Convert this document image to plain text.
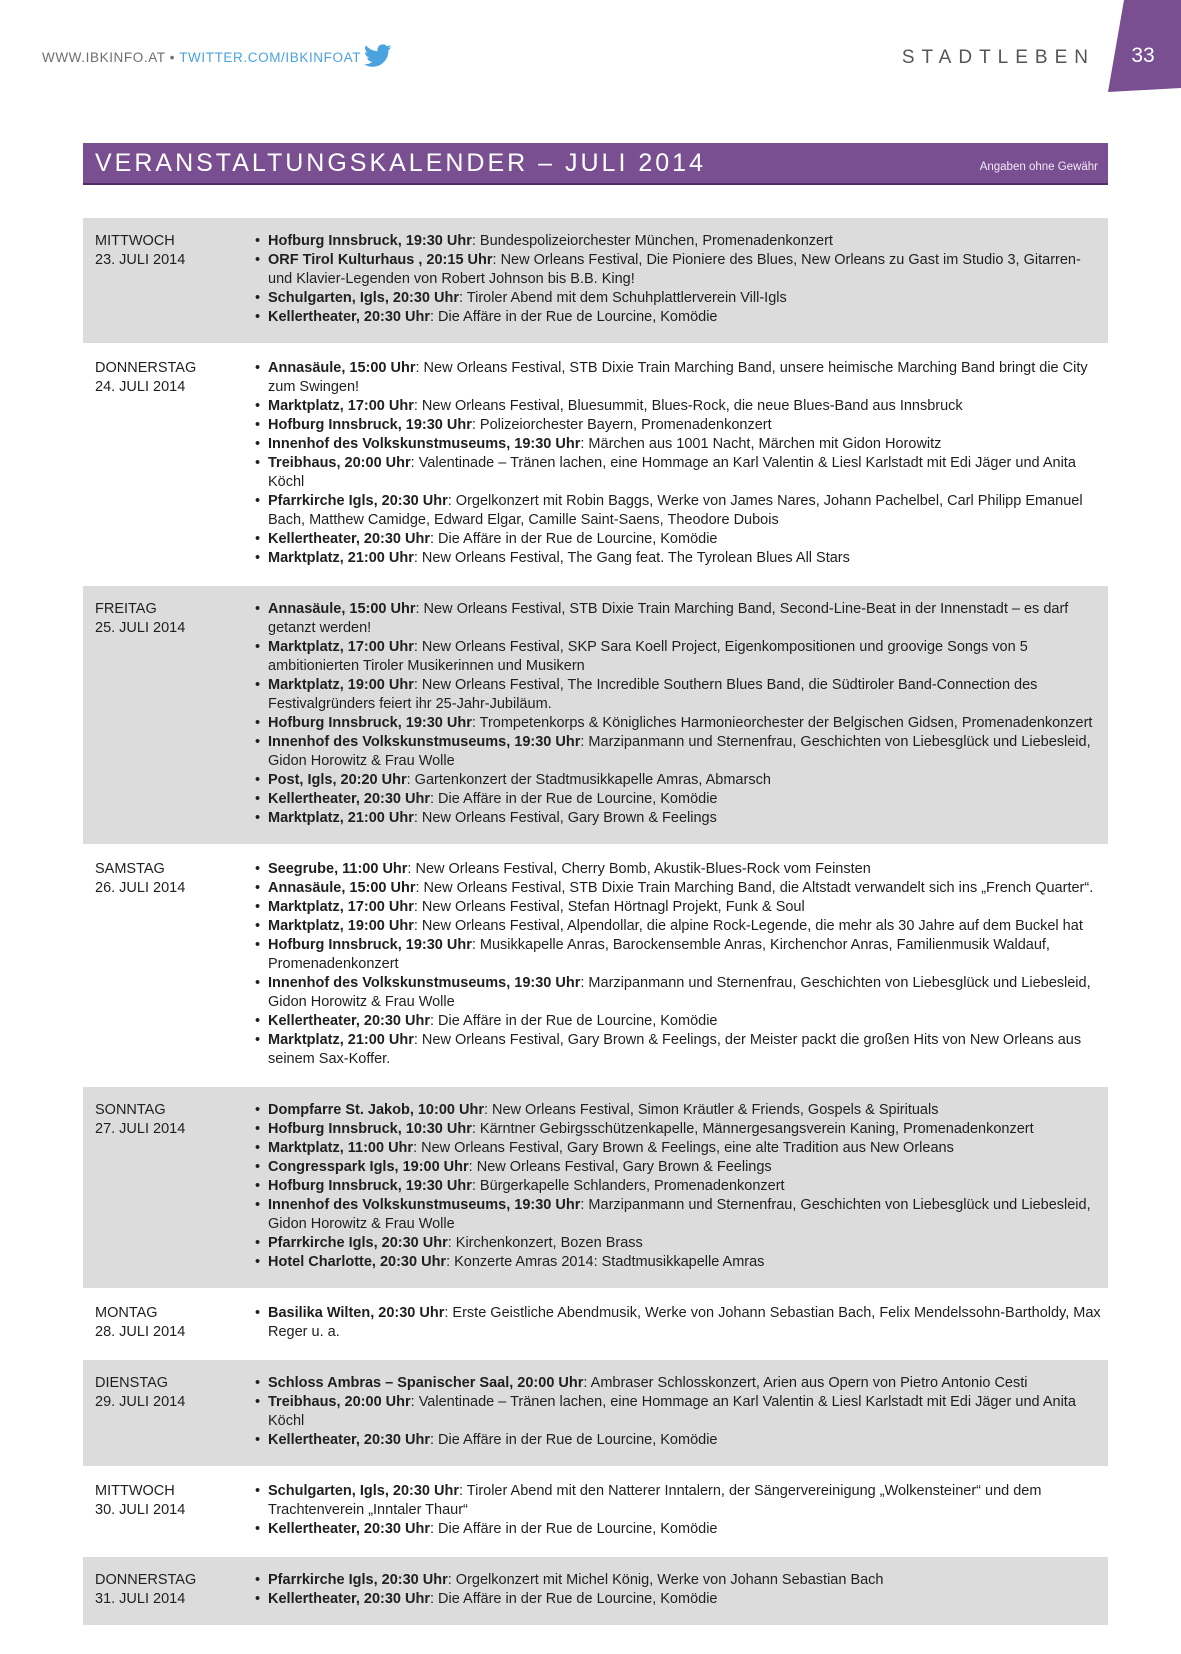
WWW.IBKINFO.AT • TWITTER.COM/IBKINFOAT	STADTLEBEN	33
VERANSTALTUNGSKALENDER – JULI 2014	Angaben ohne Gewähr
MITTWOCH
23. JULI 2014
• Hofburg Innsbruck, 19:30 Uhr: Bundespolizeiorchester München, Promenadenkonzert
• ORF Tirol Kulturhaus , 20:15 Uhr: New Orleans Festival, Die Pioniere des Blues, New Orleans zu Gast im Studio 3, Gitarren- und Klavier-Legenden von Robert Johnson bis B.B. King!
• Schulgarten, Igls, 20:30 Uhr: Tiroler Abend mit dem Schuhplattlerverein Vill-Igls
• Kellertheater, 20:30 Uhr: Die Affäre in der Rue de Lourcine, Komödie
DONNERSTAG
24. JULI 2014
• Annasäule, 15:00 Uhr: New Orleans Festival, STB Dixie Train Marching Band, unsere heimische Marching Band bringt die City zum Swingen!
• Marktplatz, 17:00 Uhr: New Orleans Festival, Bluesummit, Blues-Rock, die neue Blues-Band aus Innsbruck
• Hofburg Innsbruck, 19:30 Uhr: Polizeiorchester Bayern, Promenadenkonzert
• Innenhof des Volkskunstmuseums, 19:30 Uhr: Märchen aus 1001 Nacht, Märchen mit Gidon Horowitz
• Treibhaus, 20:00 Uhr: Valentinade – Tränen lachen, eine Hommage an Karl Valentin & Liesl Karlstadt mit Edi Jäger und Anita Köchl
• Pfarrkirche Igls, 20:30 Uhr: Orgelkonzert mit Robin Baggs, Werke von James Nares, Johann Pachelbel, Carl Philipp Emanuel Bach, Matthew Camidge, Edward Elgar, Camille Saint-Saens, Theodore Dubois
• Kellertheater, 20:30 Uhr: Die Affäre in der Rue de Lourcine, Komödie
• Marktplatz, 21:00 Uhr: New Orleans Festival, The Gang feat. The Tyrolean Blues All Stars
FREITAG
25. JULI 2014
• Annasäule, 15:00 Uhr: New Orleans Festival, STB Dixie Train Marching Band, Second-Line-Beat in der Innenstadt – es darf getanzt werden!
• Marktplatz, 17:00 Uhr: New Orleans Festival, SKP Sara Koell Project, Eigenkompositionen und groovige Songs von 5 ambitionierten Tiroler Musikerinnen und Musikern
• Marktplatz, 19:00 Uhr: New Orleans Festival, The Incredible Southern Blues Band, die Südtiroler Band-Connection des Festivalgründers feiert ihr 25-Jahr-Jubiläum.
• Hofburg Innsbruck, 19:30 Uhr: Trompetenkorps & Königliches Harmonieorchester der Belgischen Gidsen, Promenadenkonzert
• Innenhof des Volkskunstmuseums, 19:30 Uhr: Marzipanmann und Sternenfrau, Geschichten von Liebesglück und Liebesleid, Gidon Horowitz & Frau Wolle
• Post, Igls, 20:20 Uhr: Gartenkonzert der Stadtmusikkapelle Amras, Abmarsch
• Kellertheater, 20:30 Uhr: Die Affäre in der Rue de Lourcine, Komödie
• Marktplatz, 21:00 Uhr: New Orleans Festival, Gary Brown & Feelings
SAMSTAG
26. JULI 2014
• Seegrube, 11:00 Uhr: New Orleans Festival, Cherry Bomb, Akustik-Blues-Rock vom Feinsten
• Annasäule, 15:00 Uhr: New Orleans Festival, STB Dixie Train Marching Band, die Altstadt verwandelt sich ins „French Quarter“.
• Marktplatz, 17:00 Uhr: New Orleans Festival, Stefan Hörtnagl Projekt, Funk & Soul
• Marktplatz, 19:00 Uhr: New Orleans Festival, Alpendollar, die alpine Rock-Legende, die mehr als 30 Jahre auf dem Buckel hat
• Hofburg Innsbruck, 19:30 Uhr: Musikkapelle Anras, Barockensemble Anras, Kirchenchor Anras, Familienmusik Waldauf, Promenadenkonzert
• Innenhof des Volkskunstmuseums, 19:30 Uhr: Marzipanmann und Sternenfrau, Geschichten von Liebesglück und Liebesleid, Gidon Horowitz & Frau Wolle
• Kellertheater, 20:30 Uhr: Die Affäre in der Rue de Lourcine, Komödie
• Marktplatz, 21:00 Uhr: New Orleans Festival, Gary Brown & Feelings, der Meister packt die großen Hits von New Orleans aus seinem Sax-Koffer.
SONNTAG
27. JULI 2014
• Dompfarre St. Jakob, 10:00 Uhr: New Orleans Festival, Simon Kräutler & Friends, Gospels & Spirituals
• Hofburg Innsbruck, 10:30 Uhr: Kärntner Gebirgsschützenkapelle, Männergesangsverein Kaning, Promenadenkonzert
• Marktplatz, 11:00 Uhr: New Orleans Festival, Gary Brown & Feelings, eine alte Tradition aus New Orleans
• Congresspark Igls, 19:00 Uhr: New Orleans Festival, Gary Brown & Feelings
• Hofburg Innsbruck, 19:30 Uhr: Bürgerkapelle Schlanders, Promenadenkonzert
• Innenhof des Volkskunstmuseums, 19:30 Uhr: Marzipanmann und Sternenfrau, Geschichten von Liebesglück und Liebesleid, Gidon Horowitz & Frau Wolle
• Pfarrkirche Igls, 20:30 Uhr: Kirchenkonzert, Bozen Brass
• Hotel Charlotte, 20:30 Uhr: Konzerte Amras 2014: Stadtmusikkapelle Amras
MONTAG
28. JULI 2014
• Basilika Wilten, 20:30 Uhr: Erste Geistliche Abendmusik, Werke von Johann Sebastian Bach, Felix Mendelssohn-Bartholdy, Max Reger u. a.
DIENSTAG
29. JULI 2014
• Schloss Ambras – Spanischer Saal, 20:00 Uhr: Ambraser Schlosskonzert, Arien aus Opern von Pietro Antonio Cesti
• Treibhaus, 20:00 Uhr: Valentinade – Tränen lachen, eine Hommage an Karl Valentin & Liesl Karlstadt mit Edi Jäger und Anita Köchl
• Kellertheater, 20:30 Uhr: Die Affäre in der Rue de Lourcine, Komödie
MITTWOCH
30. JULI 2014
• Schulgarten, Igls, 20:30 Uhr: Tiroler Abend mit den Natterer Inntalern, der Sängervereinigung „Wolkensteiner“ und dem Trachtenverein „Inntaler Thaur“
• Kellertheater, 20:30 Uhr: Die Affäre in der Rue de Lourcine, Komödie
DONNERSTAG
31. JULI 2014
• Pfarrkirche Igls, 20:30 Uhr: Orgelkonzert mit Michel König, Werke von Johann Sebastian Bach
• Kellertheater, 20:30 Uhr: Die Affäre in der Rue de Lourcine, Komödie
